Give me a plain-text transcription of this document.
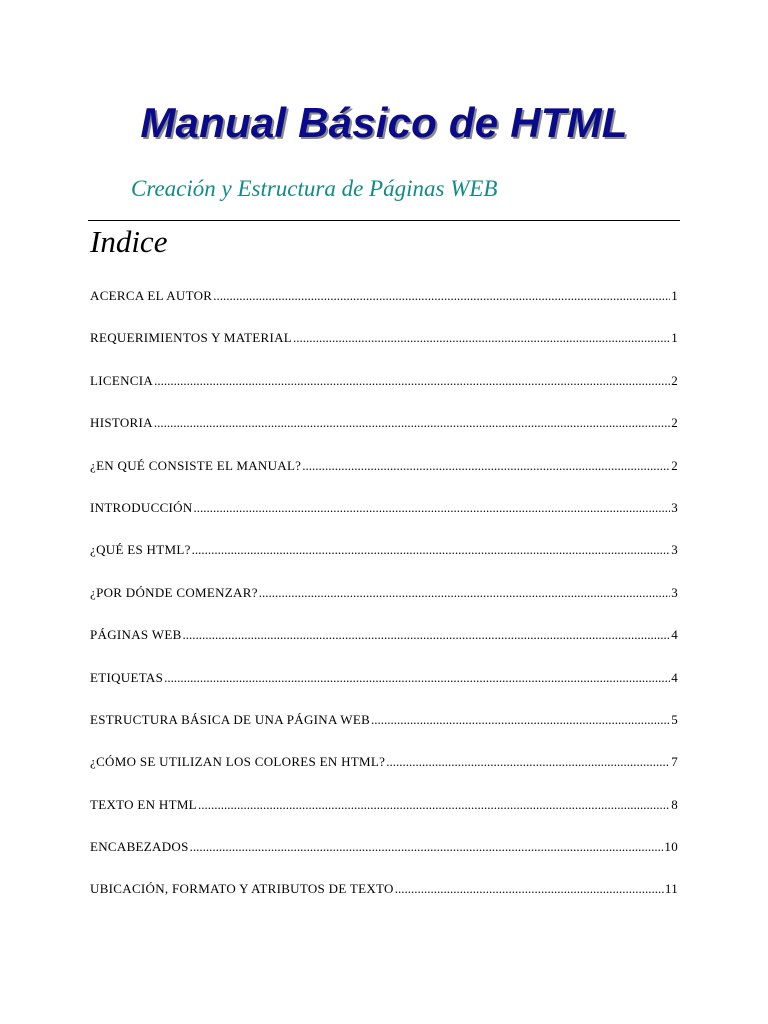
Manual Básico de HTML
Creación y Estructura de Páginas WEB
Indice
ACERCA EL AUTOR .....	1
REQUERIMIENTOS Y MATERIAL .....	1
LICENCIA .....	2
HISTORIA .....	2
¿EN QUÉ CONSISTE EL MANUAL? .....	2
INTRODUCCIÓN .....	3
¿QUÉ ES HTML? .....	3
¿POR DÓNDE COMENZAR? .....	3
PÁGINAS WEB .....	4
ETIQUETAS .....	4
ESTRUCTURA BÁSICA DE UNA PÁGINA WEB .....	5
¿CÓMO SE UTILIZAN LOS COLORES EN HTML? .....	7
TEXTO EN HTML .....	8
ENCABEZADOS .....	10
UBICACIÓN, FORMATO Y ATRIBUTOS DE TEXTO .....	11
